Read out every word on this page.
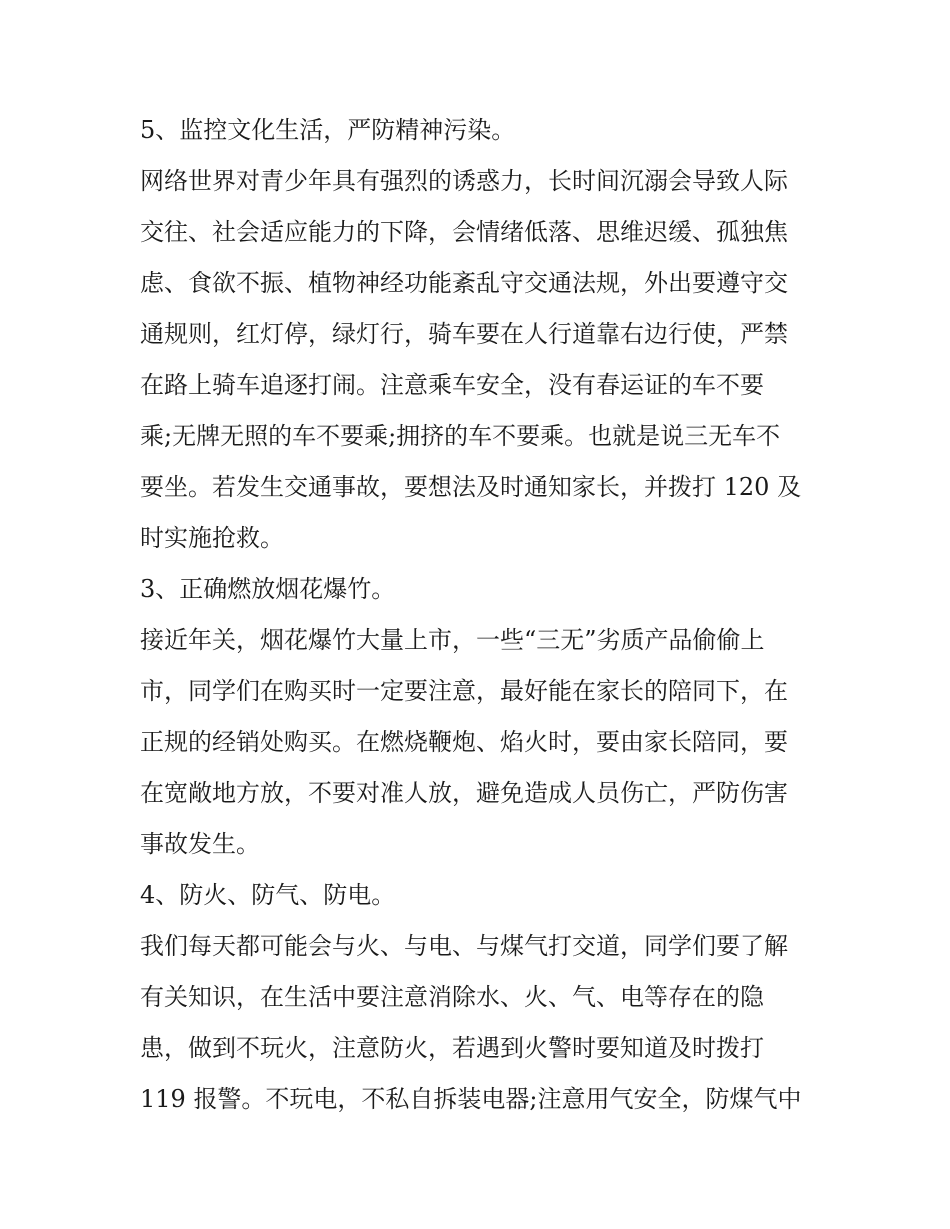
5、监控文化生活，严防精神污染。
网络世界对青少年具有强烈的诱惑力，长时间沉溺会导致人际
交往、社会适应能力的下降，会情绪低落、思维迟缓、孤独焦
虑、食欲不振、植物神经功能紊乱守交通法规，外出要遵守交
通规则，红灯停，绿灯行，骑车要在人行道靠右边行使，严禁
在路上骑车追逐打闹。注意乘车安全，没有春运证的车不要
乘;无牌无照的车不要乘;拥挤的车不要乘。也就是说三无车不
要坐。若发生交通事故，要想法及时通知家长，并拨打 120 及
时实施抢救。
3、正确燃放烟花爆竹。
接近年关，烟花爆竹大量上市，一些“三无”劣质产品偷偷上
市，同学们在购买时一定要注意，最好能在家长的陪同下，在
正规的经销处购买。在燃烧鞭炮、焰火时，要由家长陪同，要
在宽敞地方放，不要对准人放，避免造成人员伤亡，严防伤害
事故发生。
4、防火、防气、防电。
我们每天都可能会与火、与电、与煤气打交道，同学们要了解
有关知识，在生活中要注意消除水、火、气、电等存在的隐
患，做到不玩火，注意防火，若遇到火警时要知道及时拨打
119 报警。不玩电，不私自拆装电器;注意用气安全，防煤气中
